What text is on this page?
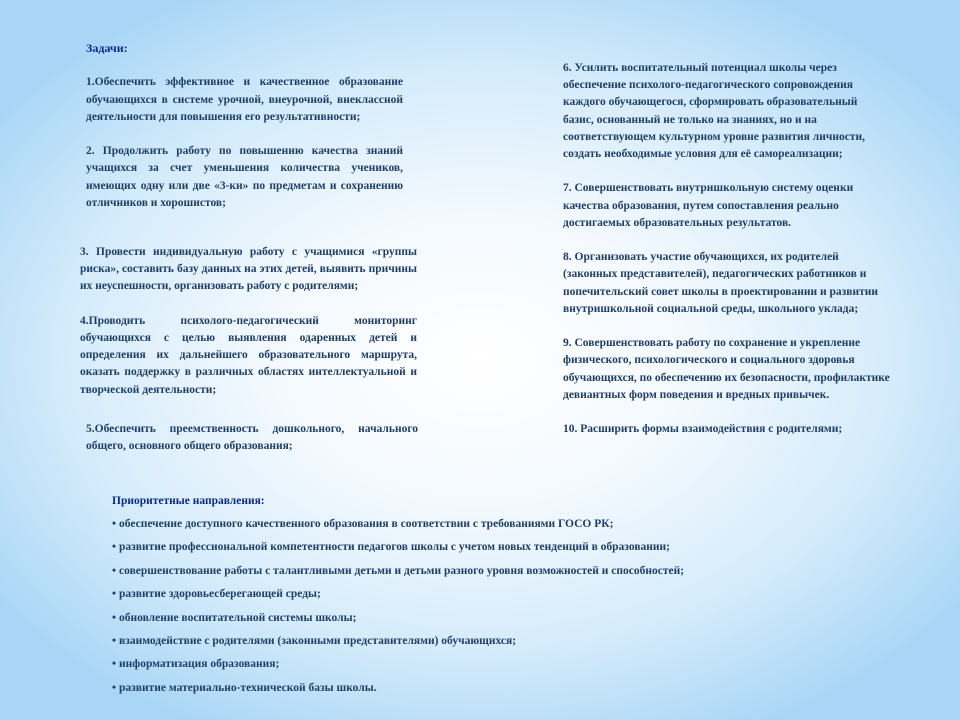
Задачи:

1.Обеспечить эффективное и качественное образование обучающихся в системе урочной, внеурочной, внеклассной деятельности для повышения его результативности;

2. Продолжить работу по повышению качества знаний учащихся за счет уменьшения количества учеников, имеющих одну или две «3-ки» по предметам и сохранению отличников и хорошистов;

3. Провести индивидуальную работу с учащимися «группы риска», составить базу данных на этих детей, выявить причины их неуспешности, организовать работу с родителями;

4.Проводить психолого-педагогический мониторинг обучающихся с целью выявления одаренных детей и определения их дальнейшего образовательного маршрута, оказать поддержку в различных областях интеллектуальной и творческой деятельности;

5.Обеспечить преемственность дошкольного, начального общего, основного общего образования;

6. Усилить воспитательный потенциал школы через обеспечение психолого-педагогического сопровождения каждого обучающегося, сформировать образовательный базис, основанный не только на знаниях, но и на соответствующем культурном уровне развития личности, создать необходимые условия для её самореализации;

7. Совершенствовать внутришкольную систему оценки качества образования, путем сопоставления реально достигаемых образовательных результатов.

8. Организовать участие обучающихся, их родителей (законных представителей), педагогических работников и попечительский совет школы в проектировании и развитии внутришкольной социальной среды, школьного уклада;

9. Совершенствовать работу по сохранение и укрепление физического, психологического и социального здоровья обучающихся, по обеспечению их безопасности, профилактике девиантных форм поведения и вредных привычек.

10. Расширить формы взаимодействия с родителями;

Приоритетные направления:
• обеспечение доступного качественного образования в соответствии с требованиями ГОСО РК;
• развитие профессиональной компетентности педагогов школы с учетом новых тенденций в образовании;
• совершенствование работы с талантливыми детьми и детьми разного уровня возможностей и способностей;
• развитие здоровьесберегающей среды;
• обновление воспитательной системы школы;
• взаимодействие с родителями (законными представителями) обучающихся;
• информатизация образования;
• развитие материально-технической базы школы.
